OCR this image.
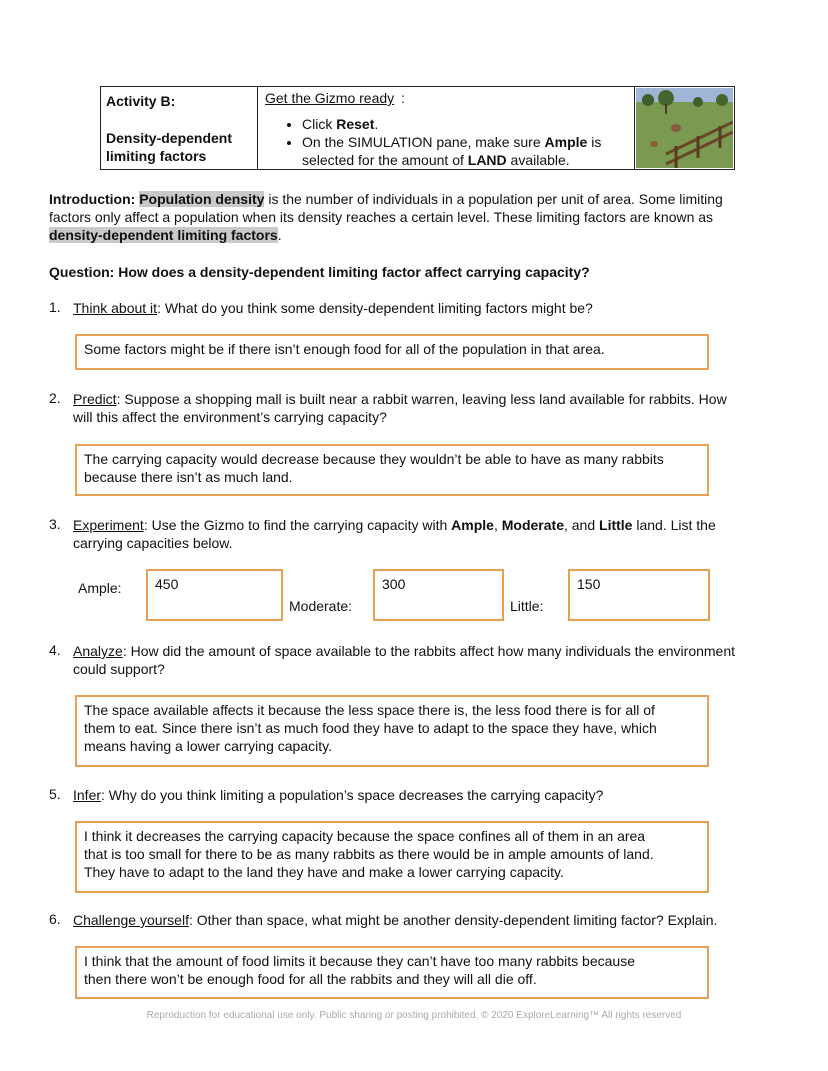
Activity B:
Density-dependent limiting factors
Get the Gizmo ready :
• Click Reset.
• On the SIMULATION pane, make sure Ample is
selected for the amount of LAND available.
Introduction: Population density is the number of individuals in a population per unit of area. Some limiting
factors only affect a population when its density reaches a certain level. These limiting factors are known as
density-dependent limiting factors.
Question: How does a density-dependent limiting factor affect carrying capacity?
1. Think about it: What do you think some density-dependent limiting factors might be?
Some factors might be if there isn’t enough food for all of the population in that area.
2. Predict: Suppose a shopping mall is built near a rabbit warren, leaving less land available for rabbits. How
will this affect the environment’s carrying capacity?
The carrying capacity would decrease because they wouldn’t be able to have as many rabbits
because there isn’t as much land.
3. Experiment: Use the Gizmo to find the carrying capacity with Ample, Moderate, and Little land. List the
carrying capacities below.
Ample:	450
Moderate:
300
Little:
150
4. Analyze: How did the amount of space available to the rabbits affect how many individuals the environment
could support?
The space available affects it because the less space there is, the less food there is for all of
them to eat. Since there isn’t as much food they have to adapt to the space they have, which
means having a lower carrying capacity.
5. Infer: Why do you think limiting a population’s space decreases the carrying capacity?
I think it decreases the carrying capacity because the space confines all of them in an area
that is too small for there to be as many rabbits as there would be in ample amounts of land.
They have to adapt to the land they have and make a lower carrying capacity.
6. Challenge yourself: Other than space, what might be another density-dependent limiting factor? Explain.
I think that the amount of food limits it because they can’t have too many rabbits because
then there won’t be enough food for all the rabbits and they will all die off.
Reproduction for educational use only. Public sharing or posting prohibited. © 2020 ExploreLearning™ All rights reserved
